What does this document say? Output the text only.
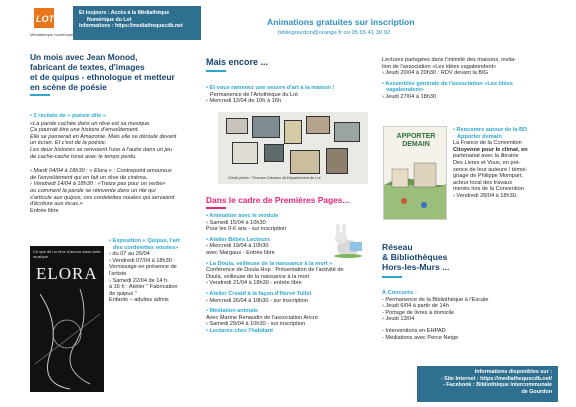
LOT
Médiathèque numérique
Et toujours : Accès à la Médiathèque
Numérique du Lot
informations : https://mediathequecdb.net	Animations gratuites sur inscription
bibliogourdon@orange.fr ou 05 65 41 30 92
Un mois avec Jean Monod,
fabricant de textes, d'images
et de quipus - ethnologue et metteur
en scène de poésie
• 2 récitals de « poésie dite »
«La parole cachée dans un rêve est sa musique.
Ça pourrait être une histoire d'envoûtement.
Elle se passerait en Amazonie. Mais elle se déroule devant
un écran. Et c'est de la poésie.
Les deux histoires se renvoient l'une à l'autre dans un jeu
de cache-cache torsé avec le temps perdu.
› Mardi 04/04 à 18h30 : « Elora » : Contrepoint amoureux
de l'envoûtement qui en fait un rêve de cinéma.
› Vendredi 14/04 à 18h30 : «Treize pas pour un verbe»
ou comment la parole se réinvente dans un rite qui
s'articule aux quipus, ces cordelettes nouées qui servaient
d'écriture aux incas.»
Entrée libre
Ce que dit un rêve d'amour dans cette musique
ELORA
• Exposition « Quipus, l'art
des cordelettes nouées»
› du 07 au 26/04
› Vendredi 07/04 à 18h30 :
Vernissage en présence de
l'artiste
› Samedi 22/04 de 14 h.
à 16 h : Atelier " Fabrication
de quipus "
Enfants – adultes admis
Mais encore ...
• Et vous ramenez une oeuvre d'art à la maison !
Permanence de l'Artothèque du Lot
› Mercredi 12/04 de 10h à 16h
Crédit photo : Thomas Cataneo dil-Département du Lot
Dans le cadre de Premières Pages...
• Animation avec le module
› Samedi 15/04 à 10h30
Pour les 0-6 ans - sur inscription
• Atelier Bébés Lecteurs
› Mercredi 19/04 à 10h30
avec Margaux - Entrée libre
• La Doula, veilleuse de la naissance à la mort »
Conférence de Doula Hop : Présentation de l'activité de
Doula, veilleuse de la naissance à la mort
› Vendredi 21/04 à 18h30 - entrée libre
• Atelier Créatif à la façon d'Hervé Tullet
› Mercredi 26/04 à 10h30 - sur inscription
• Médiation animale
Avec Marine Renaudin de l'association Ancre
› Samedi 29/04 à 10h30 - sur inscription
• Lectures chez l'habitant
Lectures partagées dans l'intimité des maisons, invita-
tion de l'association «Les idées vagabondent»
› Jeudi 20/04 à 20h30 : RDV devant la BIG
• Assemblée générale de l'association «Les Idées
vagabondent»
› Jeudi 27/04 à 18h30
APPORTER DEMAIN
• Rencontre autour de la BD
Apporter demain
La France de la Convention
Citoyenne pour le climat, en
partenariat avec la librairie
Des Livres et Vous, en pré-
sence de leur auteure / témoi-
gnage de Philippe Mompart,
acteur local des travaux
menés lors de la Convention
› Vendredi 28/04 à 18h30.
Réseau
& Bibliothèques
Hors-les-Murs ...
À Concorès :
- Permanence de la Bibliothèque à l'Escale
› Jeudi 6/04 à partir de 14h
- Portage de livres à domicile
› Jeudi 13/04
- Interventions en EHPAD
- Médiations avec Perce Neige
Informations disponibles sur :
- Site Internet : https://mediathequecdb.net/
- Facebook : Bibliothèque Intercommunale
de Gourdon
